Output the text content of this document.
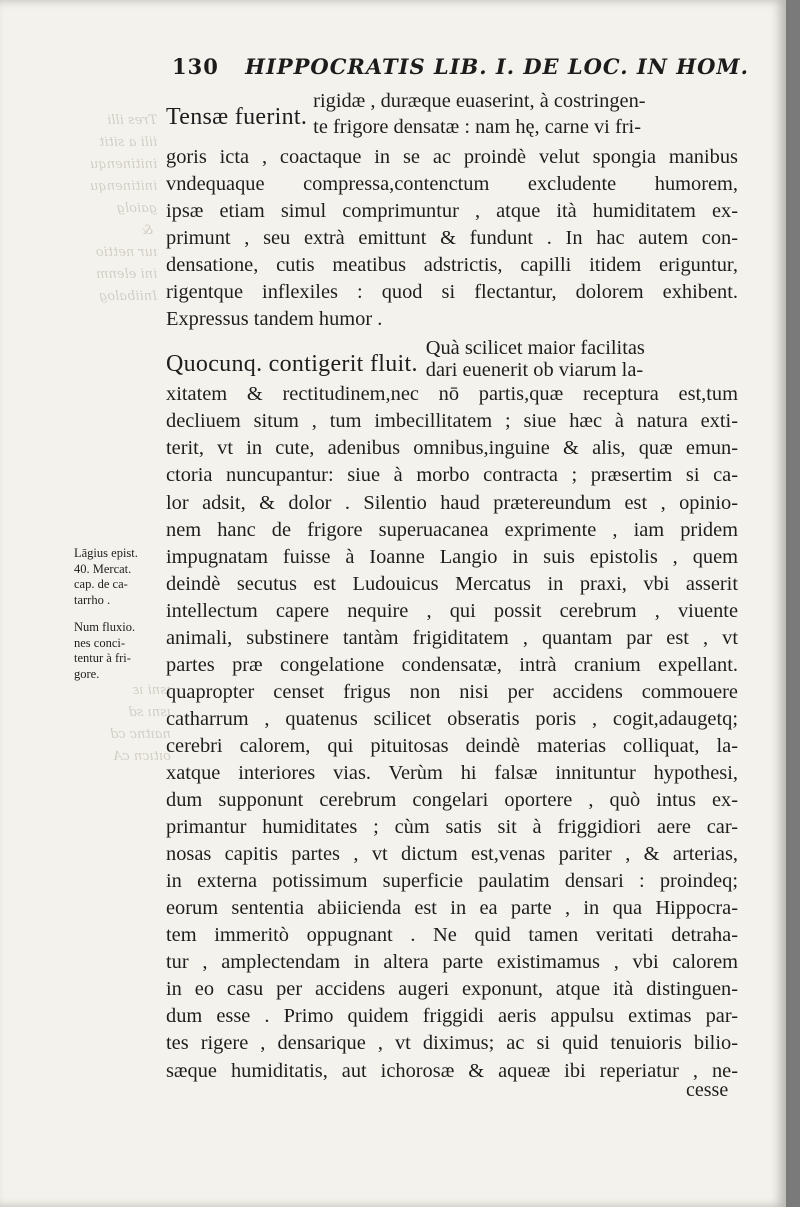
Tres illi
iili a sitit
initinenqu
initinenqu
gaiolg
&
ıur nettio
ini elenm
Iniibalog
ısni ıε
ısnı sd
naıtnc cd
oıtıcn cA
130 HIPPOCRATIS LIB. I. DE LOC. IN HOM.
Tensæ fuerint.
rigidæ , duræque euaserint, à costringen-
te frigore densatæ : nam hę, carne vi fri-
goris icta , coactaque in se ac proindè velut spongia manibus
vndequaque compressa,contenctum excludente humorem,
ipsæ etiam simul comprimuntur , atque ità humiditatem ex-
primunt , seu extrà emittunt & fundunt . In hac autem con-
densatione, cutis meatibus adstrictis, capilli itidem eriguntur,
rigentque inflexiles : quod si flectantur, dolorem exhibent.
Expressus tandem humor .
Quocunq. contigerit fluit.
Quà scilicet maior facilitas
dari euenerit ob viarum la-
xitatem & rectitudinem,nec nō partis,quæ receptura est,tum
decliuem situm , tum imbecillitatem ; siue hæc à natura exti-
terit, vt in cute, adenibus omnibus,inguine & alis, quæ emun-
ctoria nuncupantur: siue à morbo contracta ; præsertim si ca-
lor adsit, & dolor . Silentio haud prætereundum est , opinio-
nem hanc de frigore superuacanea exprimente , iam pridem
impugnatam fuisse à Ioanne Langio in suis epistolis , quem
deindè secutus est Ludouicus Mercatus in praxi, vbi asserit
intellectum capere nequire , qui possit cerebrum , viuente
animali, substinere tantàm frigiditatem , quantam par est , vt
partes præ congelatione condensatæ, intrà cranium expellant.
quapropter censet frigus non nisi per accidens commouere
catharrum , quatenus scilicet obseratis poris , cogit,adaugetq;
cerebri calorem, qui pituitosas deindè materias colliquat, la-
xatque interiores vias. Verùm hi falsæ innituntur hypothesi,
dum supponunt cerebrum congelari oportere , quò intus ex-
primantur humiditates ; cùm satis sit à friggidiori aere car-
nosas capitis partes , vt dictum est,venas pariter , & arterias,
in externa potissimum superficie paulatim densari : proindeq;
eorum sententia abiicienda est in ea parte , in qua Hippocra-
tem immeritò oppugnant . Ne quid tamen veritati detraha-
tur , amplectendam in altera parte existimamus , vbi calorem
in eo casu per accidens augeri exponunt, atque ità distinguen-
dum esse . Primo quidem friggidi aeris appulsu extimas par-
tes rigere , densarique , vt diximus; ac si quid tenuioris bilio-
sæque humiditatis, aut ichorosæ & aqueæ ibi reperiatur , ne-
Lāgius epist.
40. Mercat.
cap. de ca-
tarrho .
Num fluxio.
nes conci-
tentur à fri-
gore.
cesse
